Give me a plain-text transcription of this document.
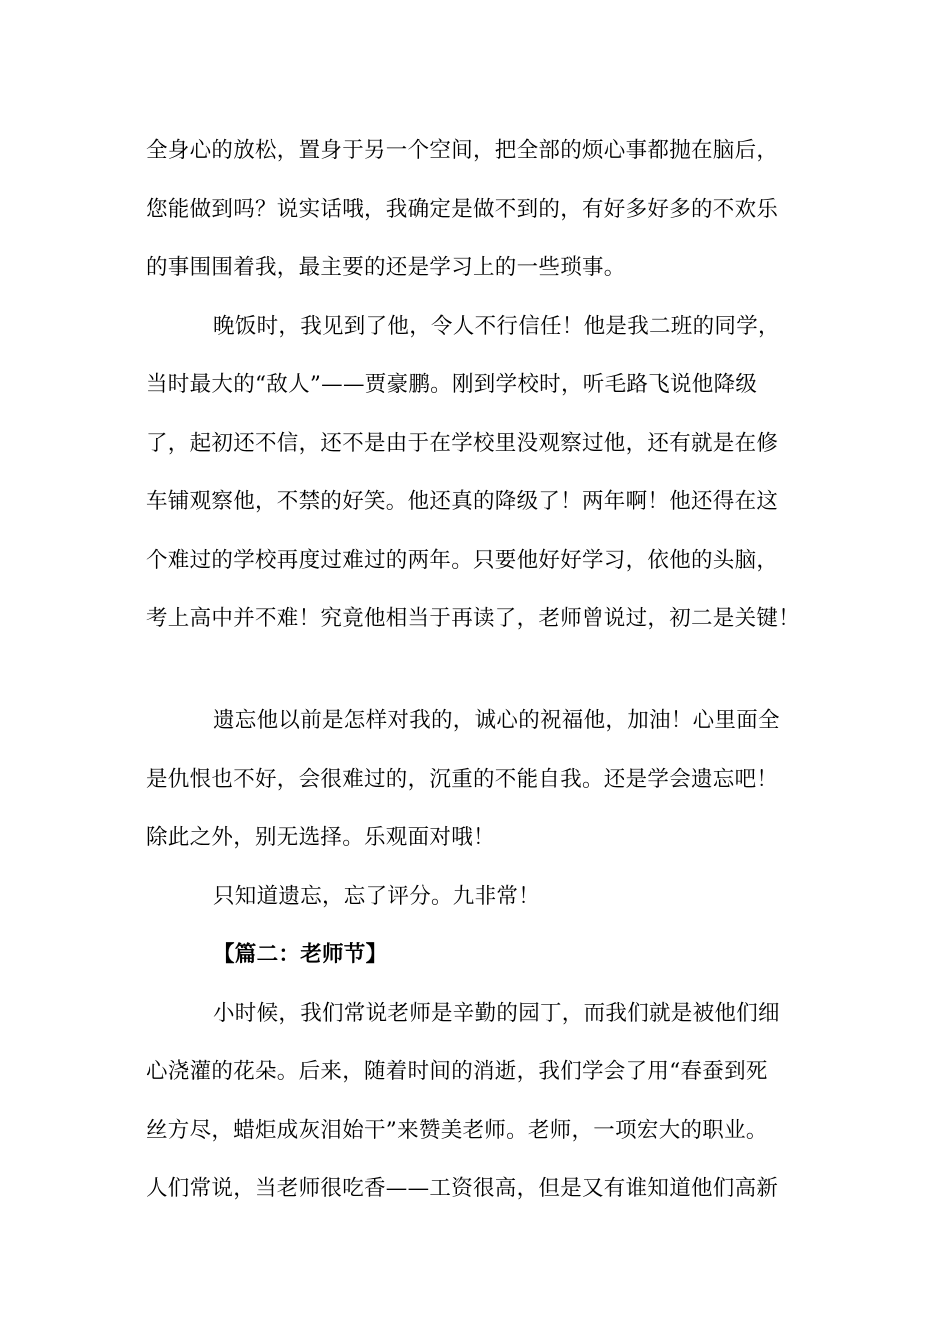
全身心的放松，置身于另一个空间，把全部的烦心事都抛在脑后，
您能做到吗？说实话哦，我确定是做不到的，有好多好多的不欢乐
的事围围着我，最主要的还是学习上的一些琐事。
晚饭时，我见到了他，令人不行信任！他是我二班的同学，
当时最大的“敌人”——贾豪鹏。刚到学校时，听毛路飞说他降级
了，起初还不信，还不是由于在学校里没观察过他，还有就是在修
车铺观察他，不禁的好笑。他还真的降级了！两年啊！他还得在这
个难过的学校再度过难过的两年。只要他好好学习，依他的头脑，
考上高中并不难！究竟他相当于再读了，老师曾说过，初二是关键！
遗忘他以前是怎样对我的，诚心的祝福他，加油！心里面全
是仇恨也不好，会很难过的，沉重的不能自我。还是学会遗忘吧！
除此之外，别无选择。乐观面对哦！
只知道遗忘，忘了评分。九非常！
【篇二：老师节】
小时候，我们常说老师是辛勤的园丁，而我们就是被他们细
心浇灌的花朵。后来，随着时间的消逝，我们学会了用“春蚕到死
丝方尽，蜡炬成灰泪始干”来赞美老师。老师，一项宏大的职业。
人们常说，当老师很吃香——工资很高，但是又有谁知道他们高新
